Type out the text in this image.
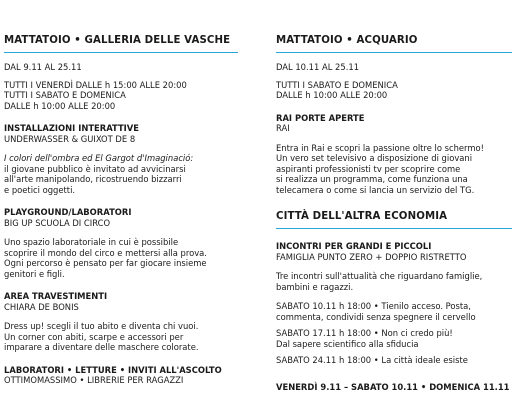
MATTATOIO • GALLERIA DELLE VASCHE
DAL 9.11 AL 25.11
TUTTI I VENERDÌ DALLE h 15:00 ALLE 20:00
TUTTI I SABATO E DOMENICA
DALLE h 10:00 ALLE 20:00
INSTALLAZIONI INTERATTIVE
UNDERWASSER & GUIXOT DE 8
I colori dell'ombra ed El Gargot d'Imaginació:
il giovane pubblico è invitato ad avvicinarsi
all'arte manipolando, ricostruendo bizzarri
e poetici oggetti.
PLAYGROUND/LABORATORI
BIG UP SCUOLA DI CIRCO
Uno spazio laboratoriale in cui è possibile
scoprire il mondo del circo e mettersi alla prova.
Ogni percorso è pensato per far giocare insieme
genitori e figli.
AREA TRAVESTIMENTI
CHIARA DE BONIS
Dress up! scegli il tuo abito e diventa chi vuoi.
Un corner con abiti, scarpe e accessori per
imparare a diventare delle maschere colorate.
LABORATORI • LETTURE • INVITI ALL'ASCOLTO
OTTIMOMASSIMO • LIBRERIE PER RAGAZZI
MATTATOIO • ACQUARIO
DAL 10.11 AL 25.11
TUTTI I SABATO E DOMENICA
DALLE h 10:00 ALLE 20:00
RAI PORTE APERTE
RAI
Entra in Rai e scopri la passione oltre lo schermo!
Un vero set televisivo a disposizione di giovani
aspiranti professionisti tv per scoprire come
si realizza un programma, come funziona una
telecamera o come si lancia un servizio del TG.
CITTÀ DELL'ALTRA ECONOMIA
INCONTRI PER GRANDI E PICCOLI
FAMIGLIA PUNTO ZERO + DOPPIO RISTRETTO
Tre incontri sull'attualità che riguardano famiglie,
bambini e ragazzi.
SABATO 10.11 h 18:00 • Tienilo acceso. Posta,
commenta, condividi senza spegnere il cervello
SABATO 17.11 h 18:00 • Non ci credo più!
Dal sapere scientifico alla sfiducia
SABATO 24.11 h 18:00 • La città ideale esiste
VENERDÌ 9.11 – SABATO 10.11 • DOMENICA 11.11
